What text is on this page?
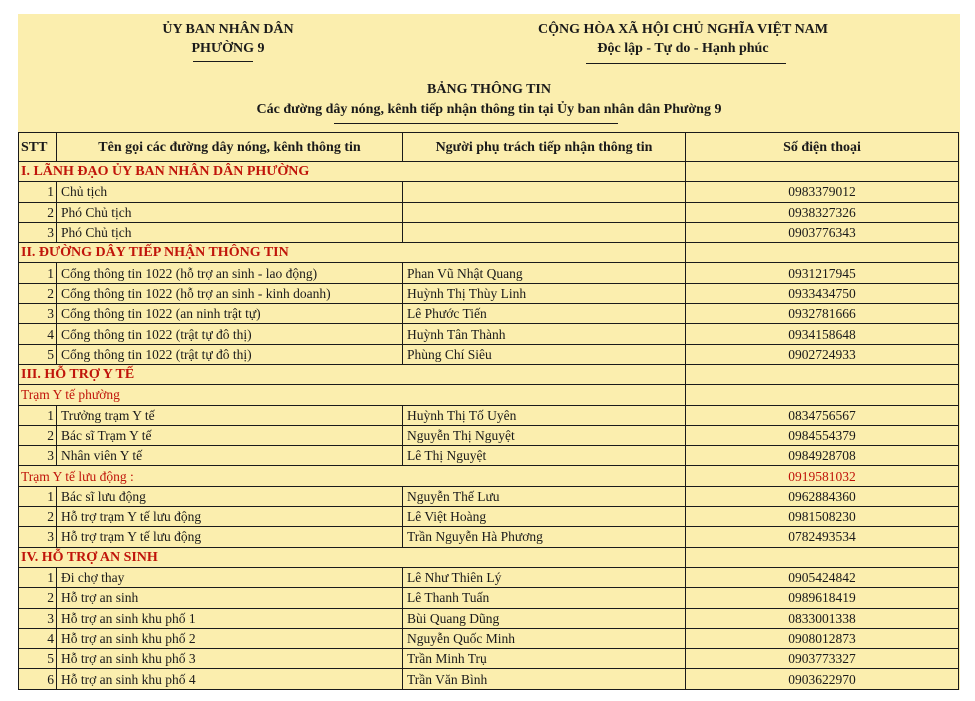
ỦY BAN NHÂN DÂN
PHƯỜNG 9
CỘNG HÒA XÃ HỘI CHỦ NGHĨA VIỆT NAM
Độc lập - Tự do - Hạnh phúc
BẢNG THÔNG TIN
Các đường dây nóng, kênh tiếp nhận thông tin tại Ủy ban nhân dân Phường 9
STT	Tên gọi các đường dây nóng, kênh thông tin	Người phụ trách tiếp nhận thông tin	Số điện thoại
I. LÃNH ĐẠO ỦY BAN NHÂN DÂN PHƯỜNG			
1	Chủ tịch		0983379012
2	Phó Chủ tịch		0938327326
3	Phó Chủ tịch		0903776343
II. ĐƯỜNG DÂY TIẾP NHẬN THÔNG TIN			
1	Cổng thông tin 1022 (hỗ trợ an sinh - lao động)	Phan Vũ Nhật Quang	0931217945
2	Cổng thông tin 1022 (hỗ trợ an sinh - kinh doanh)	Huỳnh Thị Thùy Linh	0933434750
3	Cổng thông tin 1022 (an ninh trật tự)	Lê Phước Tiến	0932781666
4	Cổng thông tin 1022 (trật tự đô thị)	Huỳnh Tân Thành	0934158648
5	Cổng thông tin 1022 (trật tự đô thị)	Phùng Chí Siêu	0902724933
III. HỖ TRỢ Y TẾ			
Trạm Y tế phường			
1	Trưởng trạm Y tế	Huỳnh Thị Tố Uyên	0834756567
2	Bác sĩ Trạm Y tế	Nguyễn Thị Nguyệt	0984554379
3	Nhân viên Y tế	Lê Thị Nguyệt	0984928708
Trạm Y tế lưu động :			0919581032
1	Bác sĩ lưu động	Nguyễn Thế Lưu	0962884360
2	Hỗ trợ trạm Y tế lưu động	Lê Việt Hoàng	0981508230
3	Hỗ trợ trạm Y tế lưu động	Trần Nguyễn Hà Phương	0782493534
IV. HỖ TRỢ AN SINH			
1	Đi chợ thay	Lê Như Thiên Lý	0905424842
2	Hỗ trợ an sinh	Lê Thanh Tuấn	0989618419
3	Hỗ trợ an sinh khu phố 1	Bùi Quang Dũng	0833001338
4	Hỗ trợ an sinh khu phố 2	Nguyễn Quốc Minh	0908012873
5	Hỗ trợ an sinh khu phố 3	Trần Minh Trụ	0903773327
6	Hỗ trợ an sinh khu phố 4	Trần Văn Bình	0903622970
